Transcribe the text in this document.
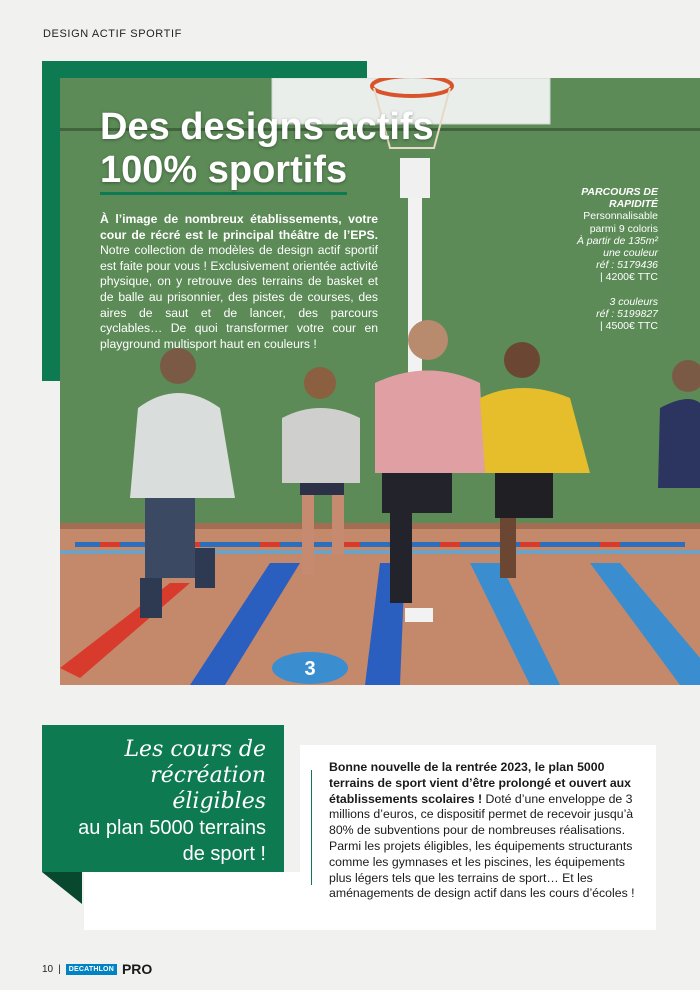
DESIGN ACTIF SPORTIF
3
Des designs actifs
100% sportifs
À l’image de nombreux établissements, votre cour de récré est le principal théâtre de l’EPS. Notre collection de modèles de design actif sportif est faite pour vous ! Exclusivement orientée activité physique, on y retrouve des terrains de basket et de balle au prisonnier, des pistes de courses, des aires de saut et de lancer, des parcours cyclables… De quoi transformer votre cour en playground multisport haut en couleurs !
PARCOURS DE
RAPIDITÉ
Personnalisable
parmi 9 coloris
À partir de 135m²
une couleur
réf : 5179436
| 4200€ TTC
3 couleurs
réf : 5199827
| 4500€ TTC
Les cours de
récréation éligibles
au plan 5000 terrains
de sport !
Bonne nouvelle de la rentrée 2023, le plan 5000 terrains de sport vient d’être prolongé et ouvert aux établissements scolaires ! Doté d’une enveloppe de 3 millions d’euros, ce dispositif permet de recevoir jusqu’à 80% de subventions pour de nombreuses réalisations. Parmi les projets éligibles, les équipements structurants comme les gymnases et les piscines, les équipements plus légers tels que les terrains de sport… Et les aménagements de design actif dans les cours d’écoles !
10 |	DECATHLON PRO
